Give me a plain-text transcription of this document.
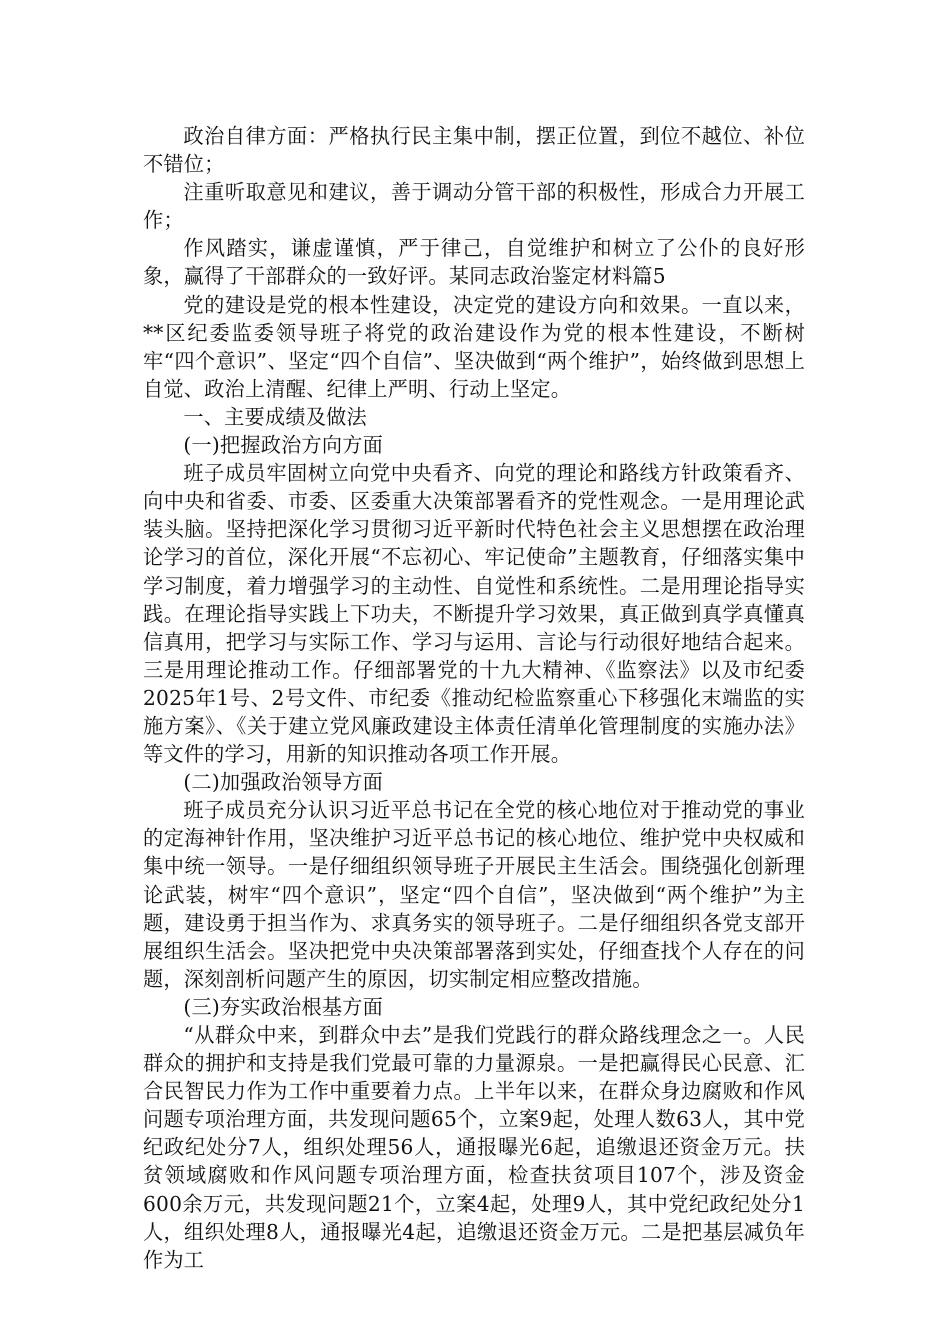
政治自律方面：严格执行民主集中制，摆正位置，到位不越位、补位不错位；

注重听取意见和建议，善于调动分管干部的积极性，形成合力开展工作；

作风踏实，谦虚谨慎，严于律己，自觉维护和树立了公仆的良好形象，赢得了干部群众的一致好评。某同志政治鉴定材料篇5

党的建设是党的根本性建设，决定党的建设方向和效果。一直以来，**区纪委监委领导班子将党的政治建设作为党的根本性建设，不断树牢“四个意识”、坚定“四个自信”、坚决做到“两个维护”，始终做到思想上自觉、政治上清醒、纪律上严明、行动上坚定。

一、主要成绩及做法

(一)把握政治方向方面

班子成员牢固树立向党中央看齐、向党的理论和路线方针政策看齐、向中央和省委、市委、区委重大决策部署看齐的党性观念。一是用理论武装头脑。坚持把深化学习贯彻习近平新时代特色社会主义思想摆在政治理论学习的首位，深化开展“不忘初心、牢记使命”主题教育，仔细落实集中学习制度，着力增强学习的主动性、自觉性和系统性。二是用理论指导实践。在理论指导实践上下功夫，不断提升学习效果，真正做到真学真懂真信真用，把学习与实际工作、学习与运用、言论与行动很好地结合起来。三是用理论推动工作。仔细部署党的十九大精神、《监察法》以及市纪委2025年1号、2号文件、市纪委《推动纪检监察重心下移强化末端监的实施方案》、《关于建立党风廉政建设主体责任清单化管理制度的实施办法》等文件的学习，用新的知识推动各项工作开展。

(二)加强政治领导方面

班子成员充分认识习近平总书记在全党的核心地位对于推动党的事业的定海神针作用，坚决维护习近平总书记的核心地位、维护党中央权威和集中统一领导。一是仔细组织领导班子开展民主生活会。围绕强化创新理论武装，树牢“四个意识”，坚定“四个自信”，坚决做到“两个维护”为主题，建设勇于担当作为、求真务实的领导班子。二是仔细组织各党支部开展组织生活会。坚决把党中央决策部署落到实处，仔细查找个人存在的问题，深刻剖析问题产生的原因，切实制定相应整改措施。

(三)夯实政治根基方面

“从群众中来，到群众中去”是我们党践行的群众路线理念之一。人民群众的拥护和支持是我们党最可靠的力量源泉。一是把赢得民心民意、汇合民智民力作为工作中重要着力点。上半年以来，在群众身边腐败和作风问题专项治理方面，共发现问题65个，立案9起，处理人数63人，其中党纪政纪处分7人，组织处理56人，通报曝光6起，追缴退还资金万元。扶贫领域腐败和作风问题专项治理方面，检查扶贫项目107个，涉及资金600余万元，共发现问题21个，立案4起，处理9人，其中党纪政纪处分1人，组织处理8人，通报曝光4起，追缴退还资金万元。二是把基层减负年作为工
